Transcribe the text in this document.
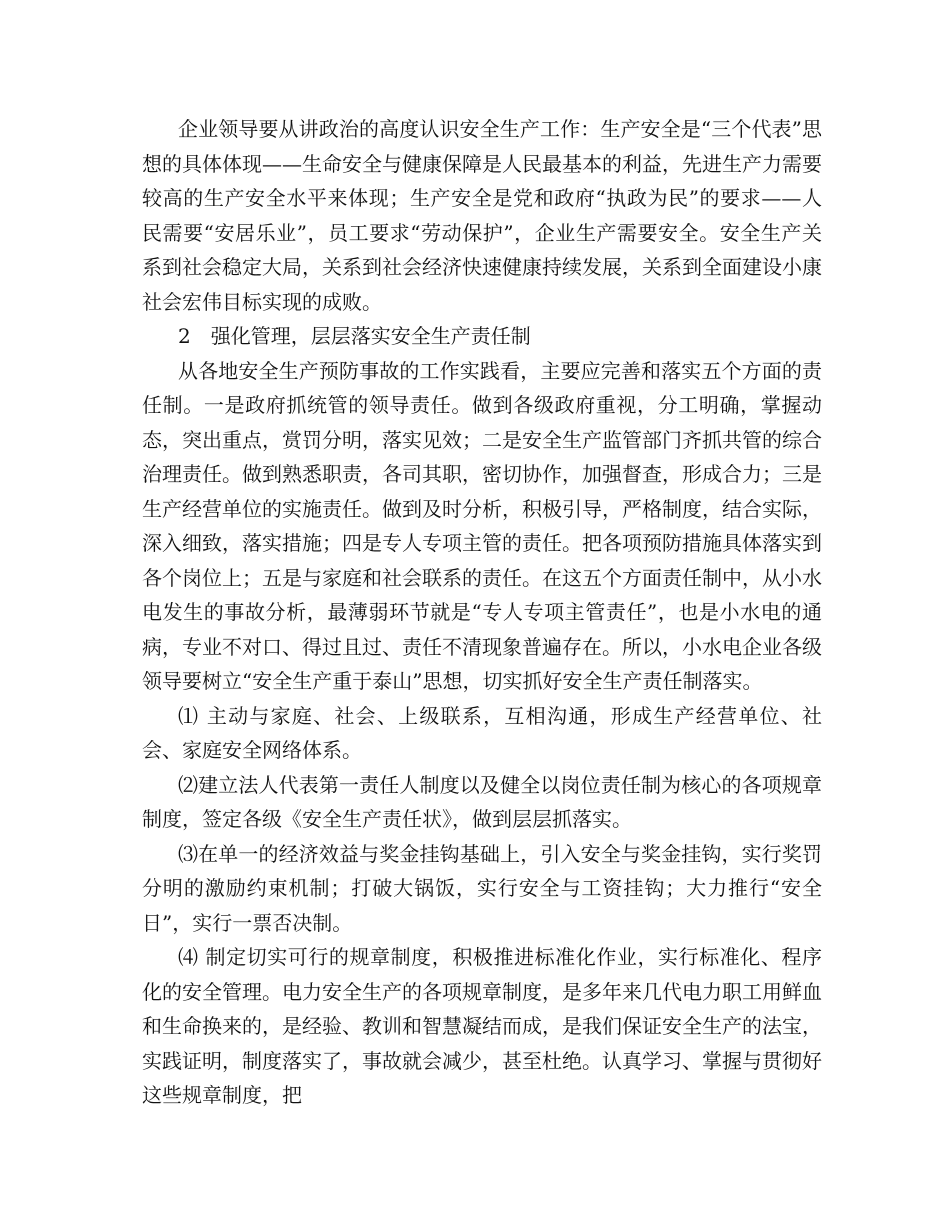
企业领导要从讲政治的高度认识安全生产工作：生产安全是“三个代表”思想的具体体现——生命安全与健康保障是人民最基本的利益，先进生产力需要较高的生产安全水平来体现；生产安全是党和政府“执政为民”的要求——人民需要“安居乐业”，员工要求“劳动保护”，企业生产需要安全。安全生产关系到社会稳定大局，关系到社会经济快速健康持续发展，关系到全面建设小康社会宏伟目标实现的成败。

2　强化管理，层层落实安全生产责任制

从各地安全生产预防事故的工作实践看，主要应完善和落实五个方面的责任制。一是政府抓统管的领导责任。做到各级政府重视，分工明确，掌握动态，突出重点，赏罚分明，落实见效；二是安全生产监管部门齐抓共管的综合治理责任。做到熟悉职责，各司其职，密切协作，加强督查，形成合力；三是生产经营单位的实施责任。做到及时分析，积极引导，严格制度，结合实际，深入细致，落实措施；四是专人专项主管的责任。把各项预防措施具体落实到各个岗位上；五是与家庭和社会联系的责任。在这五个方面责任制中，从小水电发生的事故分析，最薄弱环节就是“专人专项主管责任”，也是小水电的通病，专业不对口、得过且过、责任不清现象普遍存在。所以，小水电企业各级领导要树立“安全生产重于泰山”思想，切实抓好安全生产责任制落实。

⑴ 主动与家庭、社会、上级联系，互相沟通，形成生产经营单位、社会、家庭安全网络体系。

⑵建立法人代表第一责任人制度以及健全以岗位责任制为核心的各项规章制度，签定各级《安全生产责任状》，做到层层抓落实。

⑶在单一的经济效益与奖金挂钩基础上，引入安全与奖金挂钩，实行奖罚分明的激励约束机制；打破大锅饭，实行安全与工资挂钩；大力推行“安全日”，实行一票否决制。

⑷ 制定切实可行的规章制度，积极推进标准化作业，实行标准化、程序化的安全管理。电力安全生产的各项规章制度，是多年来几代电力职工用鲜血和生命换来的，是经验、教训和智慧凝结而成，是我们保证安全生产的法宝，实践证明，制度落实了，事故就会减少，甚至杜绝。认真学习、掌握与贯彻好这些规章制度，把
